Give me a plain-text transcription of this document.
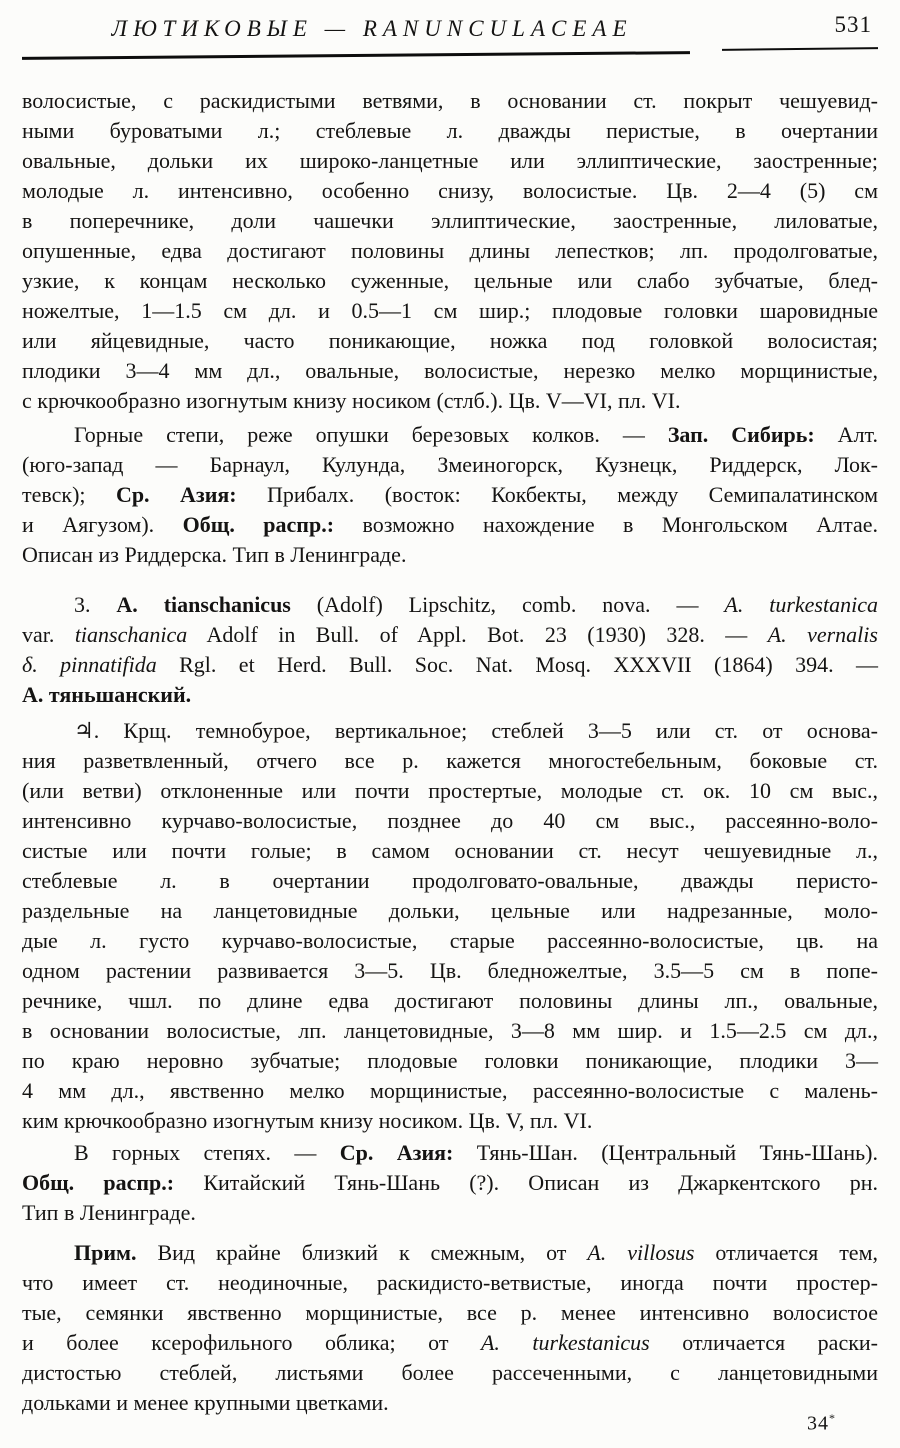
ЛЮТИКОВЫЕ — RANUNCULACEAE	531
волосистые, с раскидистыми ветвями, в основании ст. покрыт чешуевид-
ными буроватыми л.; стеблевые л. дважды перистые, в очертании
овальные, дольки их широко-ланцетные или эллиптические, заостренные;
молодые л. интенсивно, особенно снизу, волосистые. Цв. 2—4 (5) см
в поперечнике, доли чашечки эллиптические, заостренные, лиловатые,
опушенные, едва достигают половины длины лепестков; лп. продолговатые,
узкие, к концам несколько суженные, цельные или слабо зубчатые, блед-
ножелтые, 1—1.5 см дл. и 0.5—1 см шир.; плодовые головки шаровидные
или яйцевидные, часто поникающие, ножка под головкой волосистая;
плодики 3—4 мм дл., овальные, волосистые, нерезко мелко морщинистые,
с крючкообразно изогнутым книзу носиком (стлб.). Цв. V—VI, пл. VI.
Горные степи, реже опушки березовых колков. — Зап. Сибирь: Алт.
(юго-запад — Барнаул, Кулунда, Змеиногорск, Кузнецк, Риддерск, Лок-
тевск); Ср. Азия: Прибалх. (восток: Кокбекты, между Семипалатинском
и Аягузом). Общ. распр.: возможно нахождение в Монгольском Алтае.
Описан из Риддерска. Тип в Ленинграде.
3. А. tianschanicus (Adolf) Lipschitz, comb. nova. — A. turkestanica
var. tianschanica Adolf in Bull. of Appl. Bot. 23 (1930) 328. — A. vernalis
δ. pinnatifida Rgl. et Herd. Bull. Soc. Nat. Mosq. XXXVII (1864) 394. —
А. тяньшанский.
♃. Крщ. темнобурое, вертикальное; стеблей 3—5 или ст. от основа-
ния разветвленный, отчего все р. кажется многостебельным, боковые ст.
(или ветви) отклоненные или почти простертые, молодые ст. ок. 10 см выс.,
интенсивно курчаво-волосистые, позднее до 40 см выс., рассеянно-воло-
систые или почти голые; в самом основании ст. несут чешуевидные л.,
стеблевые л. в очертании продолговато-овальные, дважды перисто-
раздельные на ланцетовидные дольки, цельные или надрезанные, моло-
дые л. густо курчаво-волосистые, старые рассеянно-волосистые, цв. на
одном растении развивается 3—5. Цв. бледножелтые, 3.5—5 см в попе-
речнике, чшл. по длине едва достигают половины длины лп., овальные,
в основании волосистые, лп. ланцетовидные, 3—8 мм шир. и 1.5—2.5 см дл.,
по краю неровно зубчатые; плодовые головки поникающие, плодики 3—
4 мм дл., явственно мелко морщинистые, рассеянно-волосистые с малень-
ким крючкообразно изогнутым книзу носиком. Цв. V, пл. VI.
В горных степях. — Ср. Азия: Тянь-Шан. (Центральный Тянь-Шань).
Общ. распр.: Китайский Тянь-Шань (?). Описан из Джаркентского рн.
Тип в Ленинграде.
Прим. Вид крайне близкий к смежным, от A. villosus отличается тем,
что имеет ст. неодиночные, раскидисто-ветвистые, иногда почти простер-
тые, семянки явственно морщинистые, все р. менее интенсивно волосистое
и более ксерофильного облика; от A. turkestanicus отличается раски-
дистостью стеблей, листьями более рассеченными, с ланцетовидными
дольками и менее крупными цветками.
34*
